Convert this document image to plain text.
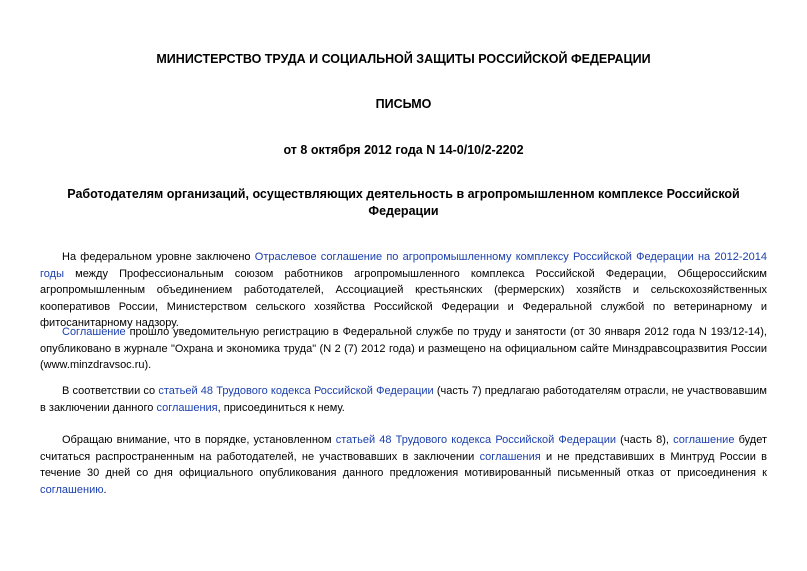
МИНИСТЕРСТВО ТРУДА И СОЦИАЛЬНОЙ ЗАЩИТЫ РОССИЙСКОЙ ФЕДЕРАЦИИ
ПИСЬМО
от 8 октября 2012 года N 14-0/10/2-2202
Работодателям организаций, осуществляющих деятельность в агропромышленном комплексе Российской Федерации

На федеральном уровне заключено Отраслевое соглашение по агропромышленному комплексу Российской Федерации на 2012-2014 годы между Профессиональным союзом работников агропромышленного комплекса Российской Федерации, Общероссийским агропромышленным объединением работодателей, Ассоциацией крестьянских (фермерских) хозяйств и сельскохозяйственных кооперативов России, Министерством сельского хозяйства Российской Федерации и Федеральной службой по ветеринарному и фитосанитарному надзору.

Соглашение прошло уведомительную регистрацию в Федеральной службе по труду и занятости (от 30 января 2012 года N 193/12-14), опубликовано в журнале "Охрана и экономика труда" (N 2 (7) 2012 года) и размещено на официальном сайте Минздравсоцразвития России (www.minzdravsoc.ru).

В соответствии со статьей 48 Трудового кодекса Российской Федерации (часть 7) предлагаю работодателям отрасли, не участвовавшим в заключении данного соглашения, присоединиться к нему.

Обращаю внимание, что в порядке, установленном статьей 48 Трудового кодекса Российской Федерации (часть 8), соглашение будет считаться распространенным на работодателей, не участвовавших в заключении соглашения и не представивших в Минтруд России в течение 30 дней со дня официального опубликования данного предложения мотивированный письменный отказ от присоединения к соглашению.
